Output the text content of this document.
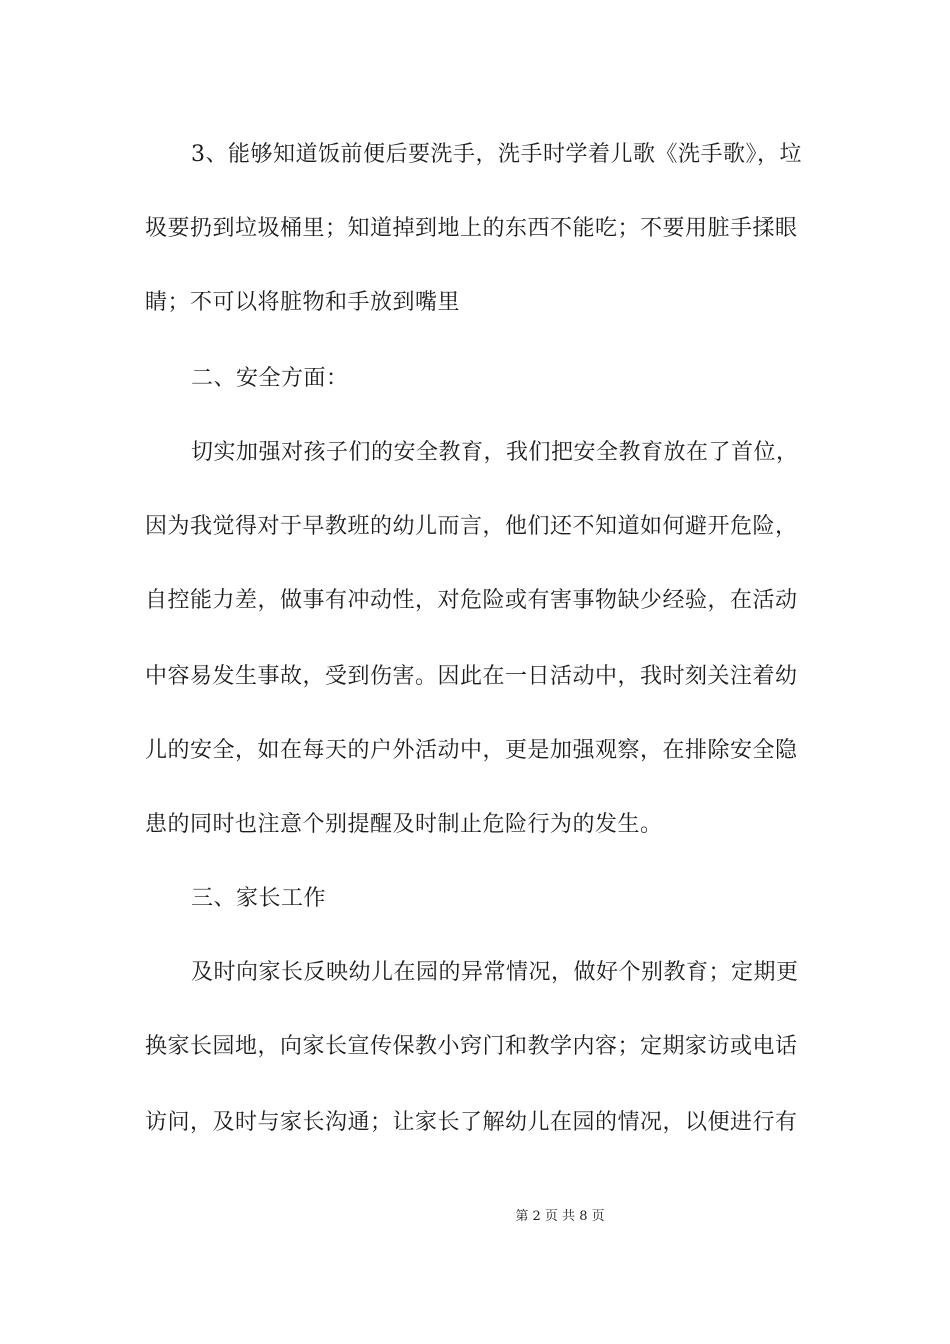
3、能够知道饭前便后要洗手，洗手时学着儿歌《洗手歌》，垃
圾要扔到垃圾桶里；知道掉到地上的东西不能吃；不要用脏手揉眼
睛；不可以将脏物和手放到嘴里
二、安全方面：
切实加强对孩子们的安全教育，我们把安全教育放在了首位，
因为我觉得对于早教班的幼儿而言，他们还不知道如何避开危险，
自控能力差，做事有冲动性，对危险或有害事物缺少经验，在活动
中容易发生事故，受到伤害。因此在一日活动中，我时刻关注着幼
儿的安全，如在每天的户外活动中，更是加强观察，在排除安全隐
患的同时也注意个别提醒及时制止危险行为的发生。
三、家长工作
及时向家长反映幼儿在园的异常情况，做好个别教育；定期更
换家长园地，向家长宣传保教小窍门和教学内容；定期家访或电话
访问，及时与家长沟通；让家长了解幼儿在园的情况，以便进行有
第 2 页 共 8 页
